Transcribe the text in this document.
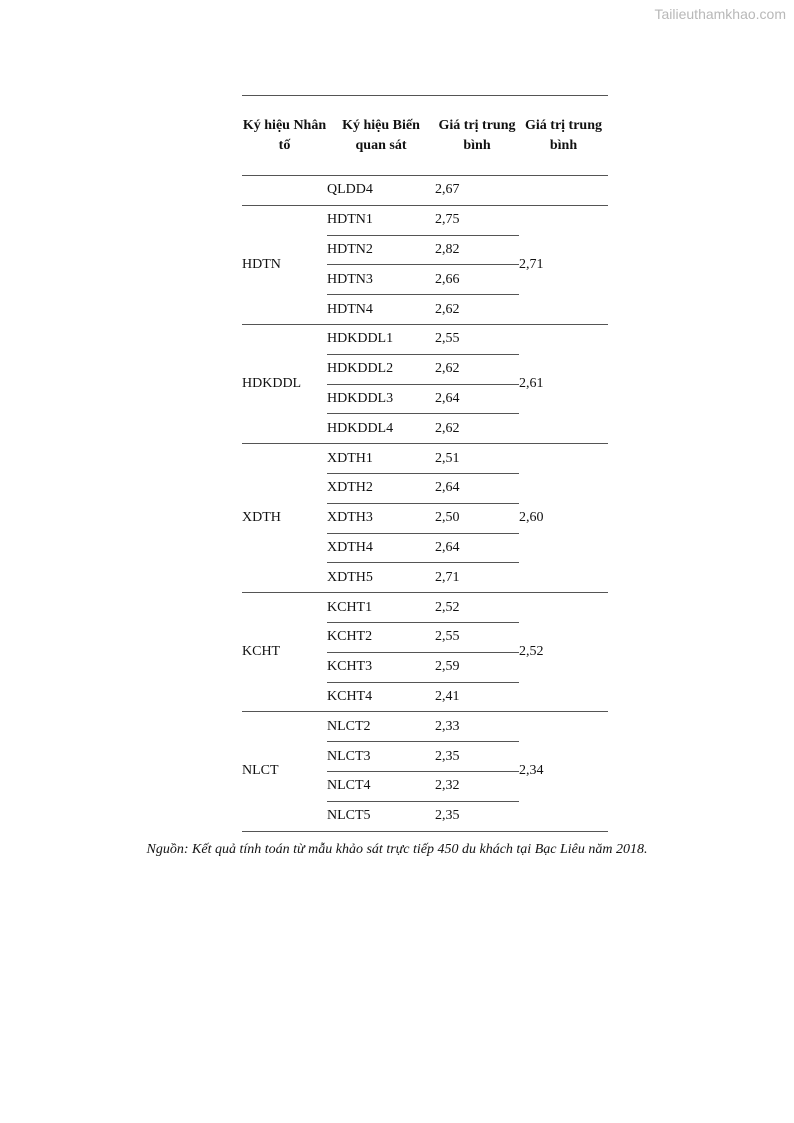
Tailieuthamkhao.com
Ký hiệu Nhân tố	Ký hiệu Biến quan sát	Giá trị trung bình	Giá trị trung bình
	QLDD4	2,67	
HDTN	HDTN1	2,75	2,71
	HDTN2	2,82	
	HDTN3	2,66	
	HDTN4	2,62	
HDKDDL	HDKDDL1	2,55	2,61
	HDKDDL2	2,62	
	HDKDDL3	2,64	
	HDKDDL4	2,62	
XDTH	XDTH1	2,51	2,60
	XDTH2	2,64	
	XDTH3	2,50	
	XDTH4	2,64	
	XDTH5	2,71	
KCHT	KCHT1	2,52	2,52
	KCHT2	2,55	
	KCHT3	2,59	
	KCHT4	2,41	
NLCT	NLCT2	2,33	2,34
	NLCT3	2,35	
	NLCT4	2,32	
	NLCT5	2,35	
Nguồn: Kết quả tính toán từ mẫu khảo sát trực tiếp 450 du khách tại Bạc Liêu năm 2018.
